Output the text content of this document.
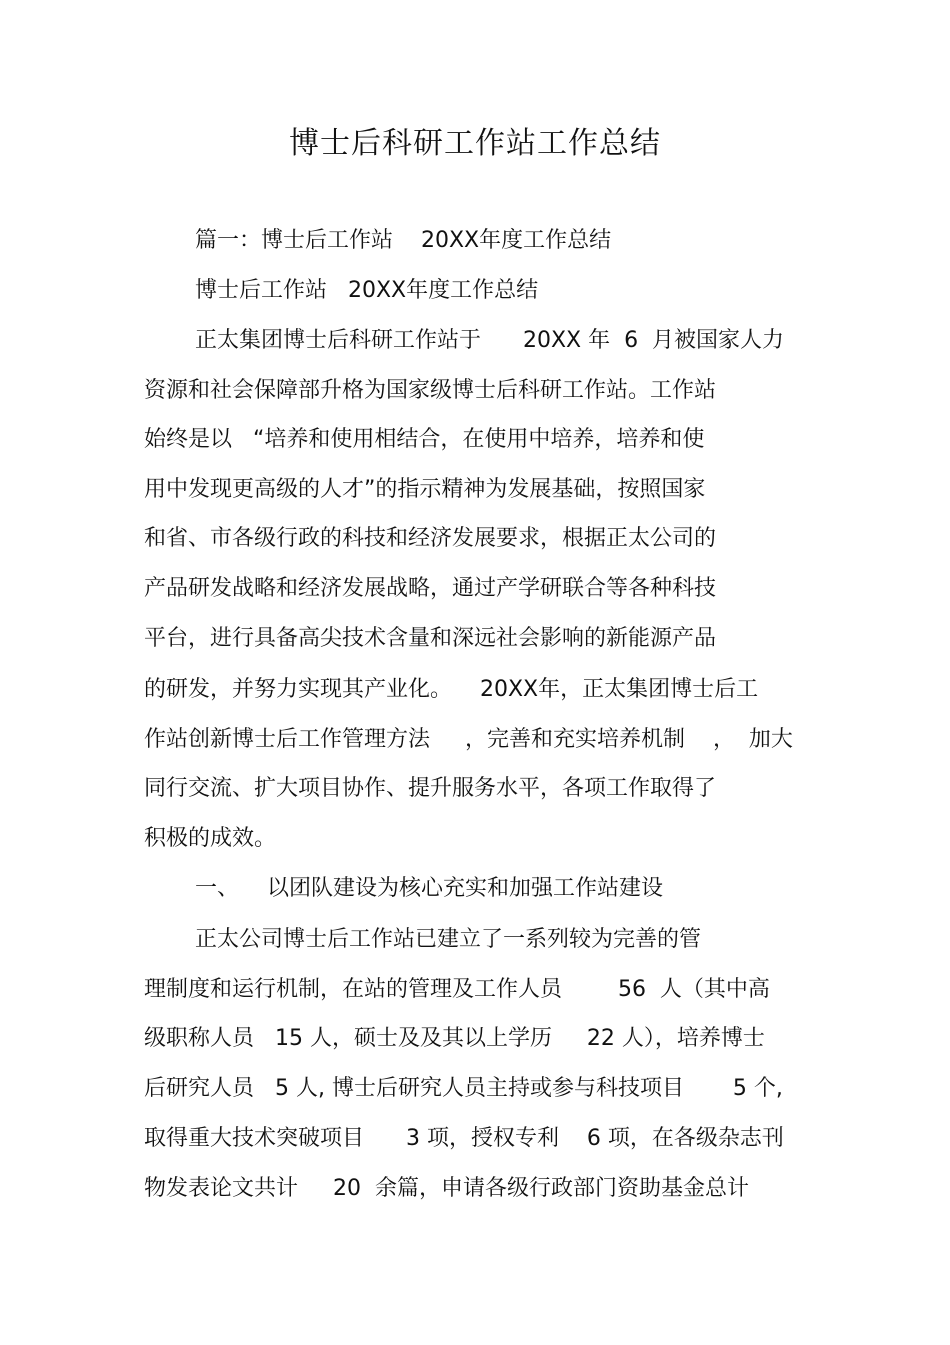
博士后科研工作站工作总结

篇一：博士后工作站    20XX年度工作总结

博士后工作站   20XX年度工作总结

正太集团博士后科研工作站于      20XX 年  6  月被国家人力

资源和社会保障部升格为国家级博士后科研工作站。工作站

始终是以   “培养和使用相结合，在使用中培养，培养和使

用中发现更高级的人才”的指示精神为发展基础，按照国家

和省、市各级行政的科技和经济发展要求，根据正太公司的

产品研发战略和经济发展战略，通过产学研联合等各种科技

平台，进行具备高尖技术含量和深远社会影响的新能源产品

的研发，并努力实现其产业化。    20XX年，正太集团博士后工

作站创新博士后工作管理方法     ，完善和充实培养机制    ，  加大

同行交流、扩大项目协作、提升服务水平，各项工作取得了

积极的成效。

一、    以团队建设为核心充实和加强工作站建设

正太公司博士后工作站已建立了一系列较为完善的管

理制度和运行机制，在站的管理及工作人员        56  人（其中高

级职称人员   15 人，硕士及及其以上学历     22 人），培养博士

后研究人员   5 人, 博士后研究人员主持或参与科技项目       5 个,

取得重大技术突破项目      3 项，授权专利    6 项，在各级杂志刊

物发表论文共计     20  余篇，申请各级行政部门资助基金总计
